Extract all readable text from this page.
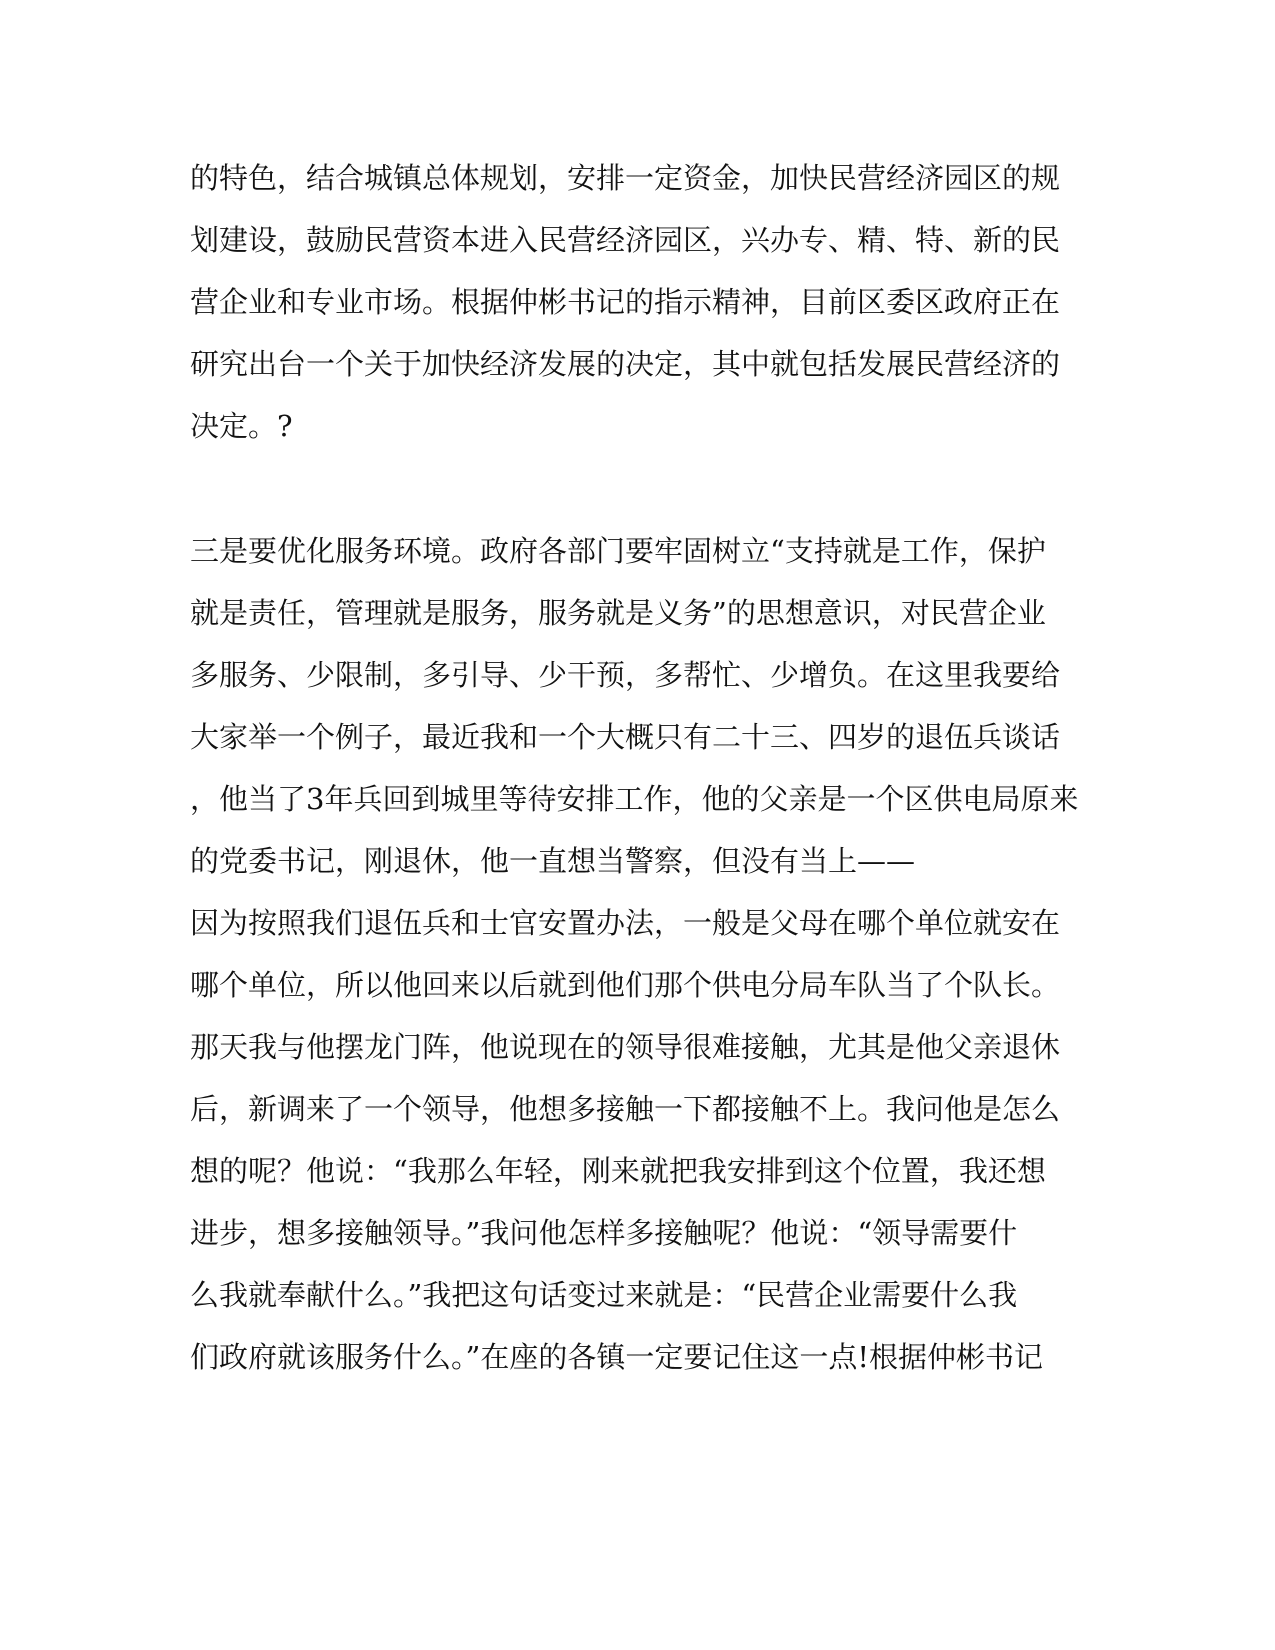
的特色，结合城镇总体规划，安排一定资金，加快民营经济园区的规
划建设，鼓励民营资本进入民营经济园区，兴办专、精、特、新的民
营企业和专业市场。根据仲彬书记的指示精神，目前区委区政府正在
研究出台一个关于加快经济发展的决定，其中就包括发展民营经济的
决定。?
三是要优化服务环境。政府各部门要牢固树立“支持就是工作，保护
就是责任，管理就是服务，服务就是义务”的思想意识，对民营企业
多服务、少限制，多引导、少干预，多帮忙、少增负。在这里我要给
大家举一个例子，最近我和一个大概只有二十三、四岁的退伍兵谈话
，他当了3年兵回到城里等待安排工作，他的父亲是一个区供电局原来
的党委书记，刚退休，他一直想当警察，但没有当上——
因为按照我们退伍兵和士官安置办法，一般是父母在哪个单位就安在
哪个单位，所以他回来以后就到他们那个供电分局车队当了个队长。
那天我与他摆龙门阵，他说现在的领导很难接触，尤其是他父亲退休
后，新调来了一个领导，他想多接触一下都接触不上。我问他是怎么
想的呢？他说：“我那么年轻，刚来就把我安排到这个位置，我还想
进步，想多接触领导。”我问他怎样多接触呢？他说：“领导需要什
么我就奉献什么。”我把这句话变过来就是：“民营企业需要什么我
们政府就该服务什么。”在座的各镇一定要记住这一点!根据仲彬书记
